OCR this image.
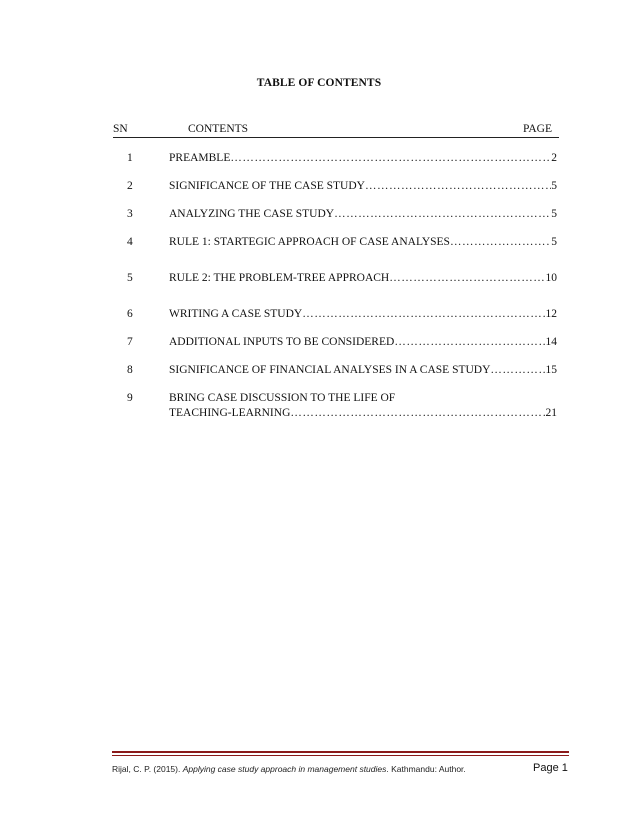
TABLE OF CONTENTS
SN	CONTENTS	PAGE
1	PREAMBLE ……………………………………………………………………………………………………………	2
2	SIGNIFICANCE OF THE CASE STUDY ……………………………………………………………………………………………………………	5
3	ANALYZING THE CASE STUDY ……………………………………………………………………………………………………………	5
4	RULE 1: STARTEGIC APPROACH OF CASE ANALYSES ……………………………………………………………………………………………………………	5
5	RULE 2: THE PROBLEM-TREE APPROACH ……………………………………………………………………………………………………………	10
6	WRITING A CASE STUDY ……………………………………………………………………………………………………………	12
7	ADDITIONAL INPUTS TO BE CONSIDERED ……………………………………………………………………………………………………………	14
8	SIGNIFICANCE OF FINANCIAL ANALYSES IN A CASE STUDY ……………………………………………………………………………………………………………	15
9	BRING CASE DISCUSSION TO THE LIFE OF
TEACHING-LEARNING ……………………………………………………………………………………………………………	21
Rijal, C. P. (2015). Applying case study approach in management studies. Kathmandu: Author.	Page 1
